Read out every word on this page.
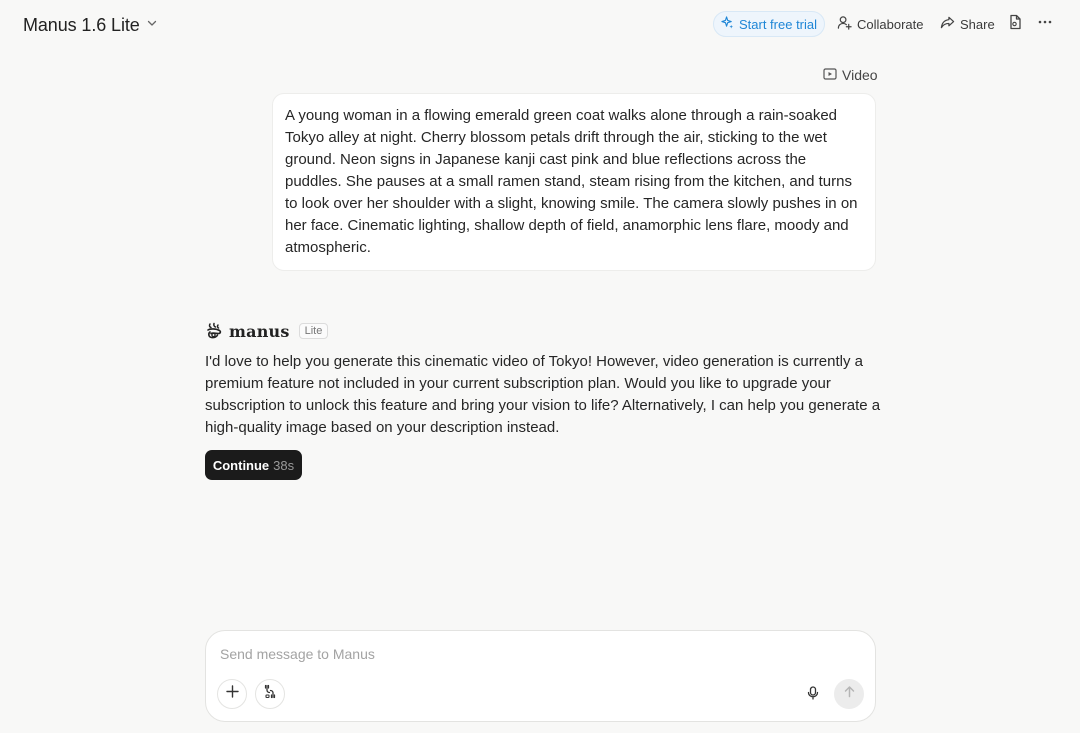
Manus 1.6 Lite	Start free trial	Collaborate	Share
Video
A young woman in a flowing emerald green coat walks alone through a rain-soaked Tokyo alley at night. Cherry blossom petals drift through the air, sticking to the wet ground. Neon signs in Japanese kanji cast pink and blue reflections across the puddles. She pauses at a small ramen stand, steam rising from the kitchen, and turns to look over her shoulder with a slight, knowing smile. The camera slowly pushes in on her face. Cinematic lighting, shallow depth of field, anamorphic lens flare, moody and atmospheric.
manus	Lite
I'd love to help you generate this cinematic video of Tokyo! However, video generation is currently a premium feature not included in your current subscription plan. Would you like to upgrade your subscription to unlock this feature and bring your vision to life? Alternatively, I can help you generate a high-quality image based on your description instead.
Continue 38s
Send message to Manus
